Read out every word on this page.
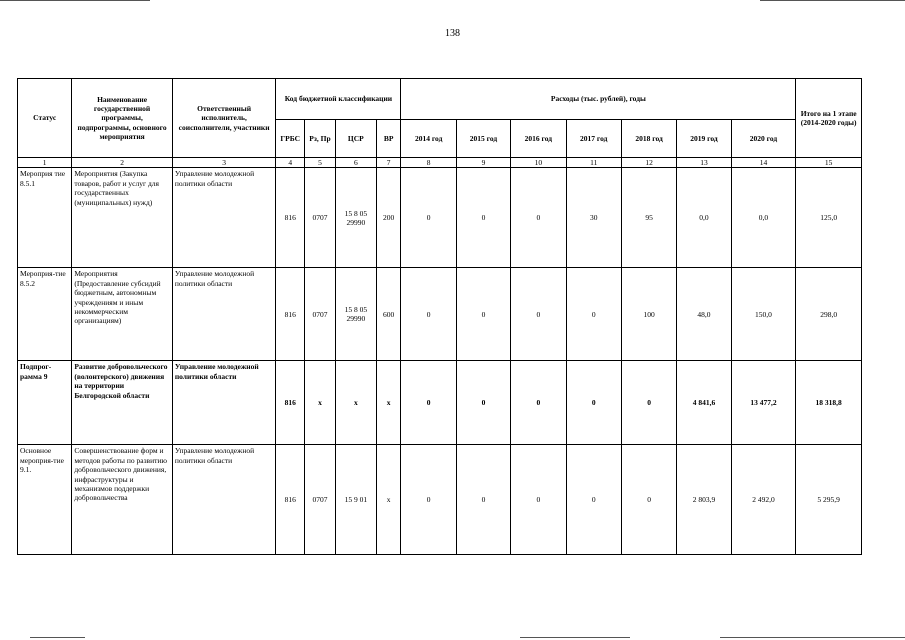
138
Статус	Наименование государственной программы, подпрограммы, основного мероприятия	Ответственный исполнитель, соисполнители, участники	Код бюджетной классификации				Расходы (тыс. рублей), годы							Итого на 1 этапе (2014-2020 годы)
			ГРБС	Рз, Пр	ЦСР	ВР	2014 год	2015 год	2016 год	2017 год	2018 год	2019 год	2020 год	
1	2	3	4	5	6	7	8	9	10	11	12	13	14	15
Мероприя тие 8.5.1	Мероприятия (Закупка товаров, работ и услуг для государственных (муниципальных) нужд)	Управление молодежной политики области	816	0707	15 8 05 29990	200	0	0	0	30	95	0,0	0,0	125,0
Мероприя-тие 8.5.2	Мероприятия (Предоставление субсидий бюджетным, автономным учреждениям и иным некоммерческим организациям)	Управление молодежной политики области	816	0707	15 8 05 29990	600	0	0	0	0	100	48,0	150,0	298,0
Подпрог-рамма 9	Развитие добровольческого (волонтерского) движения на территории Белгородской области	Управление молодежной политики области	816	х	х	х	0	0	0	0	0	4 841,6	13 477,2	18 318,8
Основное мероприя-тие 9.1.	Совершенствование форм и методов работы по развитию добровольческого движения, инфраструктуры и механизмов поддержки добровольчества	Управление молодежной политики области	816	0707	15 9 01	х	0	0	0	0	0	2 803,9	2 492,0	5 295,9
